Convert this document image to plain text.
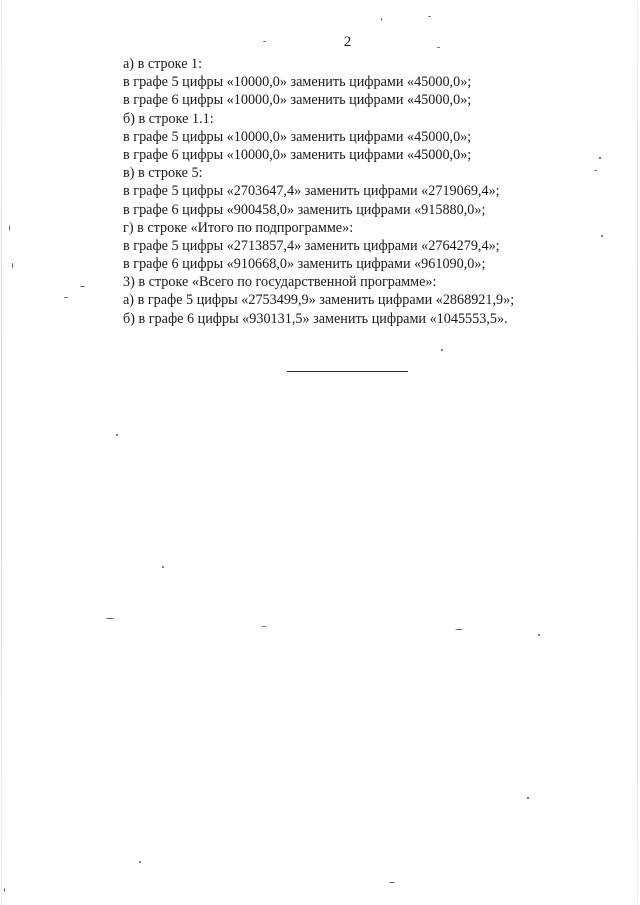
2
а) в строке 1:
в графе 5 цифры «10000,0» заменить цифрами «45000,0»;
в графе 6 цифры «10000,0» заменить цифрами «45000,0»;
б) в строке 1.1:
в графе 5 цифры «10000,0» заменить цифрами «45000,0»;
в графе 6 цифры «10000,0» заменить цифрами «45000,0»;
в) в строке 5:
в графе 5 цифры «2703647,4» заменить цифрами «2719069,4»;
в графе 6 цифры «900458,0» заменить цифрами «915880,0»;
г) в строке «Итого по подпрограмме»:
в графе 5 цифры «2713857,4» заменить цифрами «2764279,4»;
в графе 6 цифры «910668,0» заменить цифрами «961090,0»;
3) в строке «Всего по государственной программе»:
а) в графе 5 цифры «2753499,9» заменить цифрами «2868921,9»;
б) в графе 6 цифры «930131,5» заменить цифрами «1045553,5».
